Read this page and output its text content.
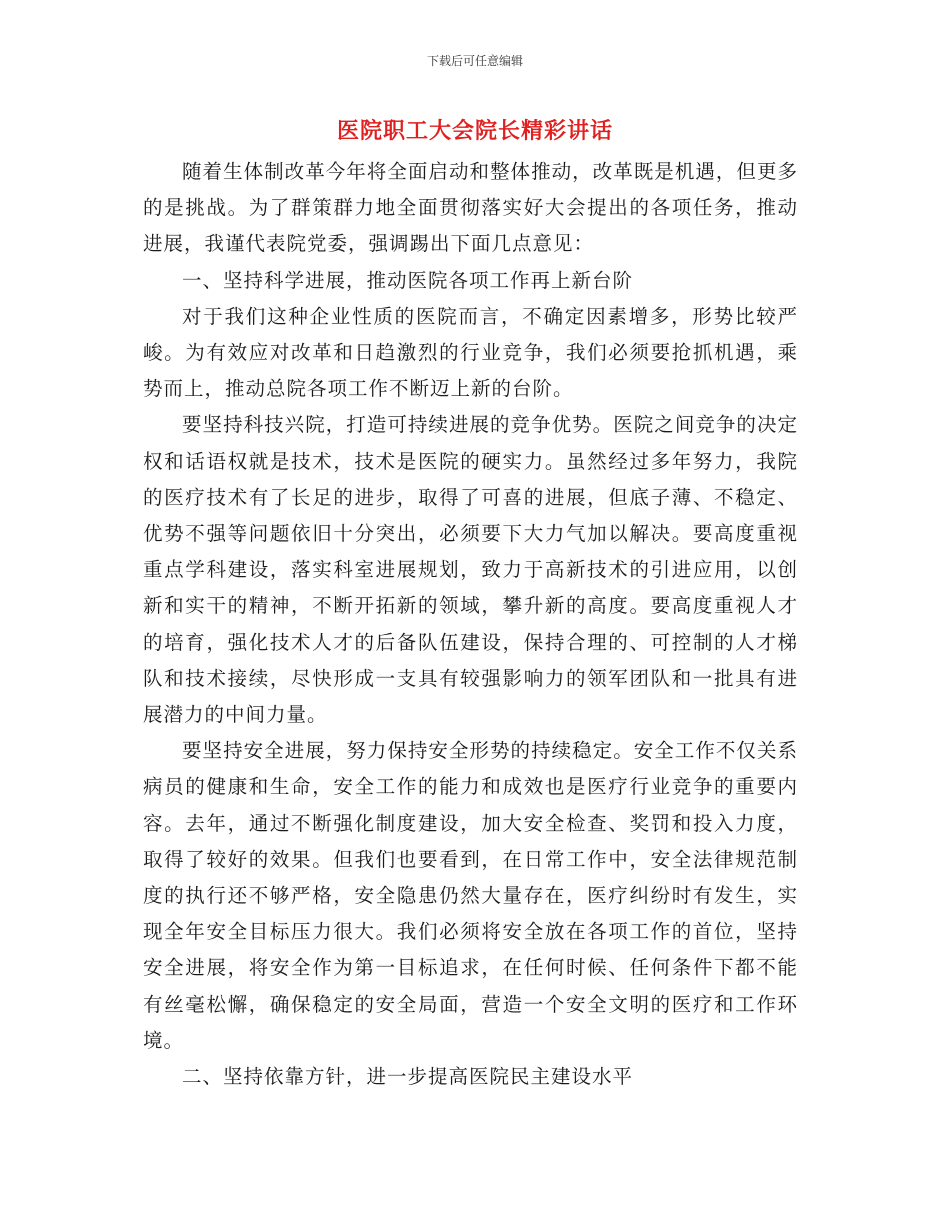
下载后可任意编辑
医院职工大会院长精彩讲话

随着生体制改革今年将全面启动和整体推动，改革既是机遇，但更多的是挑战。为了群策群力地全面贯彻落实好大会提出的各项任务，推动进展，我谨代表院党委，强调踢出下面几点意见：

一、坚持科学进展，推动医院各项工作再上新台阶

对于我们这种企业性质的医院而言，不确定因素增多，形势比较严峻。为有效应对改革和日趋激烈的行业竞争，我们必须要抢抓机遇，乘势而上，推动总院各项工作不断迈上新的台阶。

要坚持科技兴院，打造可持续进展的竞争优势。医院之间竞争的决定权和话语权就是技术，技术是医院的硬实力。虽然经过多年努力，我院的医疗技术有了长足的进步，取得了可喜的进展，但底子薄、不稳定、优势不强等问题依旧十分突出，必须要下大力气加以解决。要高度重视重点学科建设，落实科室进展规划，致力于高新技术的引进应用，以创新和实干的精神，不断开拓新的领域，攀升新的高度。要高度重视人才的培育，强化技术人才的后备队伍建设，保持合理的、可控制的人才梯队和技术接续，尽快形成一支具有较强影响力的领军团队和一批具有进展潜力的中间力量。

要坚持安全进展，努力保持安全形势的持续稳定。安全工作不仅关系病员的健康和生命，安全工作的能力和成效也是医疗行业竞争的重要内容。去年，通过不断强化制度建设，加大安全检查、奖罚和投入力度，取得了较好的效果。但我们也要看到，在日常工作中，安全法律规范制度的执行还不够严格，安全隐患仍然大量存在，医疗纠纷时有发生，实现全年安全目标压力很大。我们必须将安全放在各项工作的首位，坚持安全进展，将安全作为第一目标追求，在任何时候、任何条件下都不能有丝毫松懈，确保稳定的安全局面，营造一个安全文明的医疗和工作环境。

二、坚持依靠方针，进一步提高医院民主建设水平
